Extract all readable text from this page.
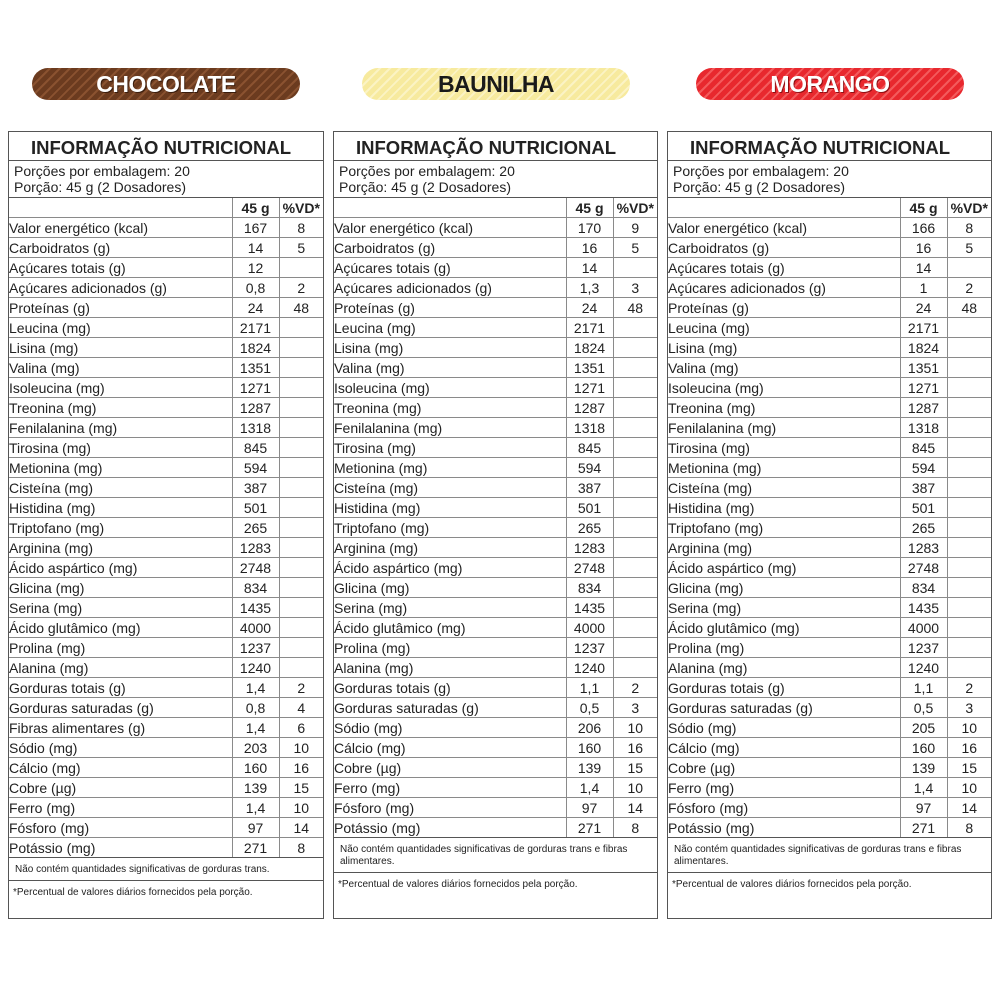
CHOCOLATE	BAUNILHA	MORANGO
INFORMAÇÃO NUTRICIONAL
Porções por embalagem: 20
Porção: 45 g (2 Dosadores)
	45 g	%VD*
Valor energético (kcal)	167	8
Carboidratos (g)	14	5
Açúcares totais (g)	12	
Açúcares adicionados (g)	0,8	2
Proteínas (g)	24	48
Leucina (mg)	2171	
Lisina (mg)	1824	
Valina (mg)	1351	
Isoleucina (mg)	1271	
Treonina (mg)	1287	
Fenilalanina (mg)	1318	
Tirosina (mg)	845	
Metionina (mg)	594	
Cisteína (mg)	387	
Histidina (mg)	501	
Triptofano (mg)	265	
Arginina (mg)	1283	
Ácido aspártico (mg)	2748	
Glicina (mg)	834	
Serina (mg)	1435	
Ácido glutâmico (mg)	4000	
Prolina (mg)	1237	
Alanina (mg)	1240	
Gorduras totais (g)	1,4	2
Gorduras saturadas (g)	0,8	4
Fibras alimentares (g)	1,4	6
Sódio (mg)	203	10
Cálcio (mg)	160	16
Cobre (µg)	139	15
Ferro (mg)	1,4	10
Fósforo (mg)	97	14
Potássio (mg)	271	8
Não contém quantidades significativas de gorduras trans.
*Percentual de valores diários fornecidos pela porção.
INFORMAÇÃO NUTRICIONAL
Porções por embalagem: 20
Porção: 45 g (2 Dosadores)
	45 g	%VD*
Valor energético (kcal)	170	9
Carboidratos (g)	16	5
Açúcares totais (g)	14	
Açúcares adicionados (g)	1,3	3
Proteínas (g)	24	48
Leucina (mg)	2171	
Lisina (mg)	1824	
Valina (mg)	1351	
Isoleucina (mg)	1271	
Treonina (mg)	1287	
Fenilalanina (mg)	1318	
Tirosina (mg)	845	
Metionina (mg)	594	
Cisteína (mg)	387	
Histidina (mg)	501	
Triptofano (mg)	265	
Arginina (mg)	1283	
Ácido aspártico (mg)	2748	
Glicina (mg)	834	
Serina (mg)	1435	
Ácido glutâmico (mg)	4000	
Prolina (mg)	1237	
Alanina (mg)	1240	
Gorduras totais (g)	1,1	2
Gorduras saturadas (g)	0,5	3
Sódio (mg)	206	10
Cálcio (mg)	160	16
Cobre (µg)	139	15
Ferro (mg)	1,4	10
Fósforo (mg)	97	14
Potássio (mg)	271	8
Não contém quantidades significativas de gorduras trans e fibras alimentares.
*Percentual de valores diários fornecidos pela porção.
INFORMAÇÃO NUTRICIONAL
Porções por embalagem: 20
Porção: 45 g (2 Dosadores)
	45 g	%VD*
Valor energético (kcal)	166	8
Carboidratos (g)	16	5
Açúcares totais (g)	14	
Açúcares adicionados (g)	1	2
Proteínas (g)	24	48
Leucina (mg)	2171	
Lisina (mg)	1824	
Valina (mg)	1351	
Isoleucina (mg)	1271	
Treonina (mg)	1287	
Fenilalanina (mg)	1318	
Tirosina (mg)	845	
Metionina (mg)	594	
Cisteína (mg)	387	
Histidina (mg)	501	
Triptofano (mg)	265	
Arginina (mg)	1283	
Ácido aspártico (mg)	2748	
Glicina (mg)	834	
Serina (mg)	1435	
Ácido glutâmico (mg)	4000	
Prolina (mg)	1237	
Alanina (mg)	1240	
Gorduras totais (g)	1,1	2
Gorduras saturadas (g)	0,5	3
Sódio (mg)	205	10
Cálcio (mg)	160	16
Cobre (µg)	139	15
Ferro (mg)	1,4	10
Fósforo (mg)	97	14
Potássio (mg)	271	8
Não contém quantidades significativas de gorduras trans e fibras alimentares.
*Percentual de valores diários fornecidos pela porção.
